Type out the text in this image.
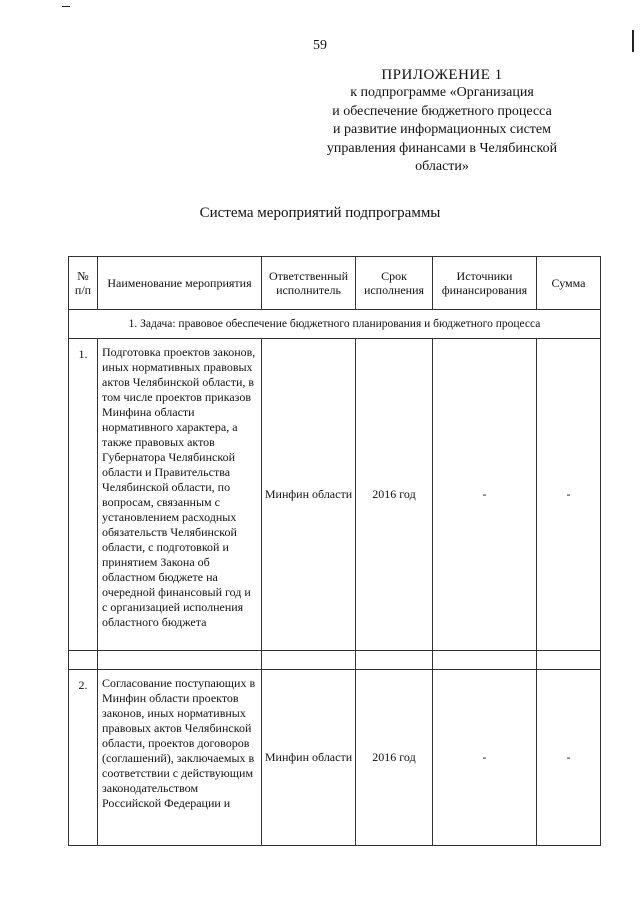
59
ПРИЛОЖЕНИЕ 1
к подпрограмме «Организация
и обеспечение бюджетного процесса
и развитие информационных систем
управления финансами в Челябинской
области»
Система мероприятий подпрограммы
№ п/п	Наименование мероприятия	Ответственный исполнитель	Срок исполнения	Источники финансирования	Сумма
1. Задача: правовое обеспечение бюджетного планирования и бюджетного процесса					
1.	Подготовка проектов законов, иных нормативных правовых актов Челябинской области, в том числе проектов приказов Минфина области нормативного характера, а также правовых актов Губернатора Челябинской области и Правительства Челябинской области, по вопросам, связанным с установлением расходных обязательств Челябинской области, с подготовкой и принятием Закона об областном бюджете на очередной финансовый год и с организацией исполнения областного бюджета	Минфин области	2016 год	-	-

2.	Согласование поступающих в Минфин области проектов законов, иных нормативных правовых актов Челябинской области, проектов договоров (соглашений), заключаемых в соответствии с действующим законодательством Российской Федерации и	Минфин области	2016 год	-	-
